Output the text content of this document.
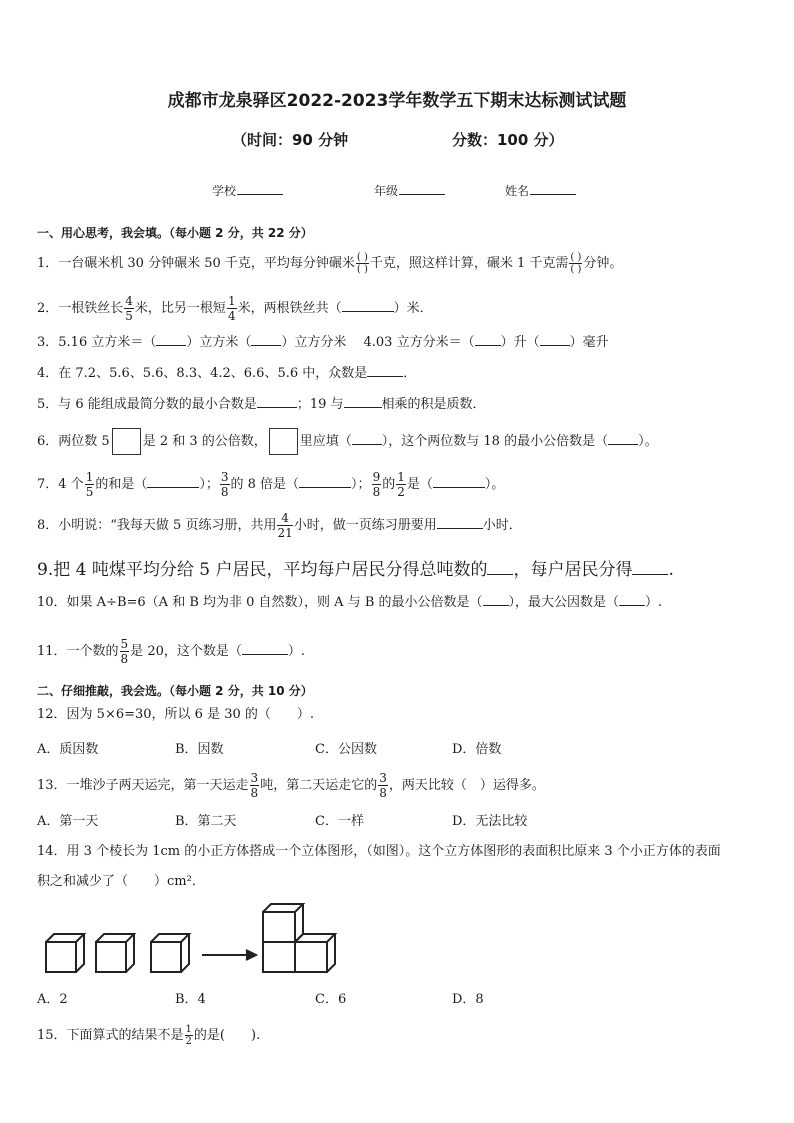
成都市龙泉驿区2022-2023学年数学五下期末达标测试试题
（时间：90 分钟	分数：100 分）
学校	年级	姓名
一、用心思考，我会填。（每小题 2 分，共 22 分）
1．一台碾米机 30 分钟碾米 50 千克，平均每分钟碾米 $\frac{( )}{( )}$ 千克，照这样计算，碾米 1 千克需 $\frac{( )}{( )}$ 分钟。
2．一根铁丝长 $\frac{4}{5}$ 米，比另一根短 $\frac{1}{4}$ 米，两根铁丝共（	）米．
3．5.16 立方米＝（ ）立方米（ ）立方分米　 4.03 立方分米＝（ ）升（ ）毫升
4．在 7.2、5.6、5.6、8.3、4.2、6.6、5.6 中，众数是	．
5．与 6 能组成最简分数的最小合数是	；19 与	相乘的积是质数．
6．两位数 5	是 2 和 3 的公倍数，	里应填（ ），这个两位数与 18 的最小公倍数是（ ）。
7．4 个 $\frac{1}{5}$ 的和是（	）； $\frac{3}{8}$ 的 8 倍是（	）； $\frac{9}{8}$ 的 $\frac{1}{2}$ 是（	）。
8．小明说：“我每天做 5 页练习册，共用 $\frac{4}{21}$ 小时，做一页练习册要用	小时．
9.把 4 吨煤平均分给 5 户居民，平均每户居民分得总吨数的 ，每户居民分得 .
10．如果 A÷B=6（A 和 B 均为非 0 自然数），则 A 与 B 的最小公倍数是（ ），最大公因数是（ ）.
11．一个数的 $\frac{5}{8}$ 是 20，这个数是（	）.
二、仔细推敲，我会选。（每小题 2 分，共 10 分）
12．因为 5×6=30，所以 6 是 30 的（　　）.
A．质因数	B．因数	C．公因数	D．倍数
13．一堆沙子两天运完，第一天运走 $\frac{3}{8}$ 吨，第二天运走它的 $\frac{3}{8}$ ，两天比较（　）运得多。
A．第一天	B．第二天	C．一样	D．无法比较
14．用 3 个棱长为 1cm 的小正方体搭成一个立体图形，（如图）。这个立方体图形的表面积比原来 3 个小正方体的表面
积之和减少了（　　）cm²．
A．2	B．4	C．6	D．8
15．下面算式的结果不是 $\frac{1}{2}$ 的是(　　).
